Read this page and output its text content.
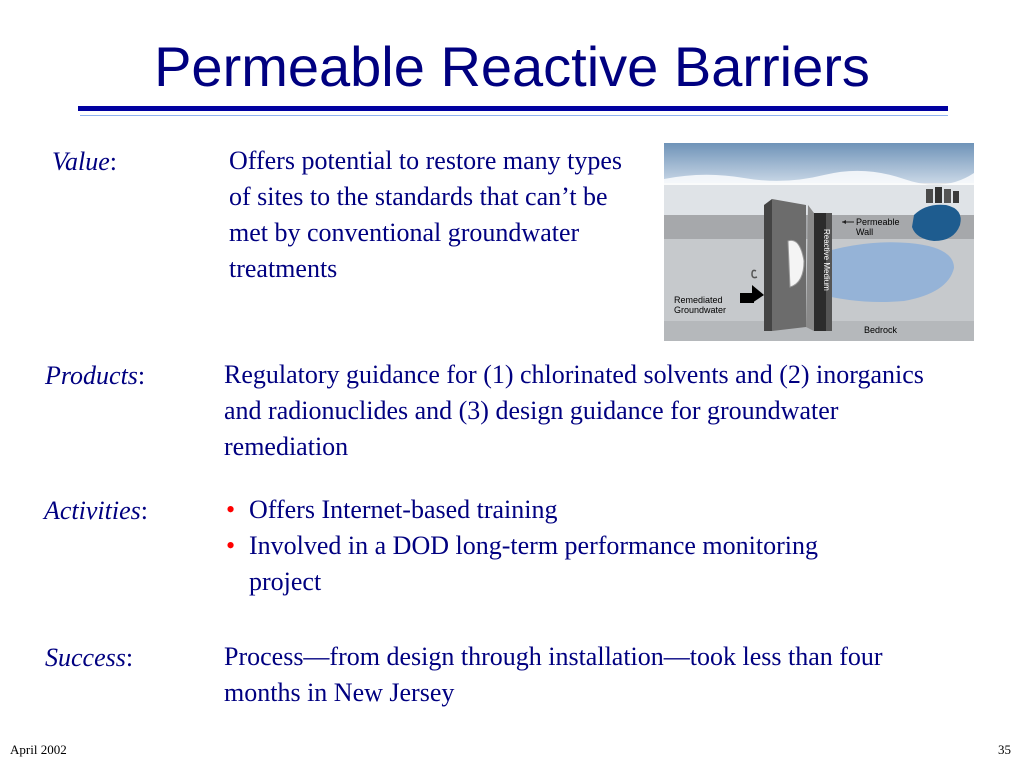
Permeable Reactive Barriers
Value:	Offers potential to restore many types of sites to the standards that can’t be met by conventional groundwater treatments
Permeable
Wall
Reactive Medium
Remediated
Groundwater
Bedrock
Products:	Regulatory guidance for (1) chlorinated solvents and (2) inorganics and radionuclides and (3) design guidance for groundwater remediation
Activities:	• Offers Internet-based training
• Involved in a DOD long-term performance monitoring project
Success:	Process—from design through installation—took less than four months in New Jersey
April 2002	35
